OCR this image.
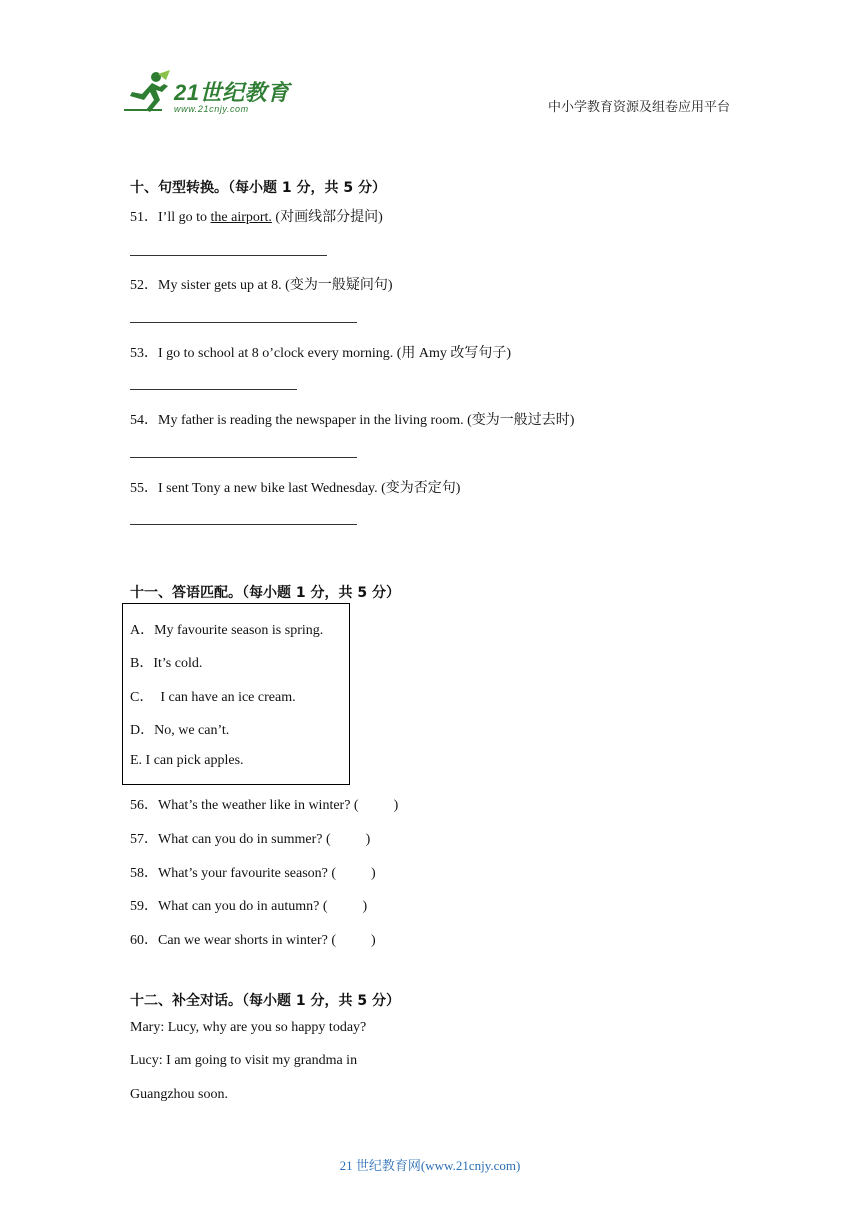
21世纪教育
www.21cnjy.com	中小学教育资源及组卷应用平台
十、句型转换。（每小题 1 分，共 5 分）
51．I’ll go to the airport. (对画线部分提问)
52．My sister gets up at 8. (变为一般疑问句)
53．I go to school at 8 o’clock every morning. (用 Amy 改写句子)
54．My father is reading the newspaper in the living room. (变为一般过去时)
55．I sent Tony a new bike last Wednesday. (变为否定句)
十一、答语匹配。（每小题 1 分，共 5 分）
A．My favourite season is spring.
B．It’s cold.
C．  I can have an ice cream.
D．No, we can’t.
E. I can pick apples.
56．What’s the weather like in winter? (          )
57．What can you do in summer? (          )
58．What’s your favourite season? (          )
59．What can you do in autumn? (          )
60．Can we wear shorts in winter? (          )
十二、补全对话。（每小题 1 分，共 5 分）
Mary: Lucy, why are you so happy today?
Lucy: I am going to visit my grandma in
Guangzhou soon.
21 世纪教育网(www.21cnjy.com)
